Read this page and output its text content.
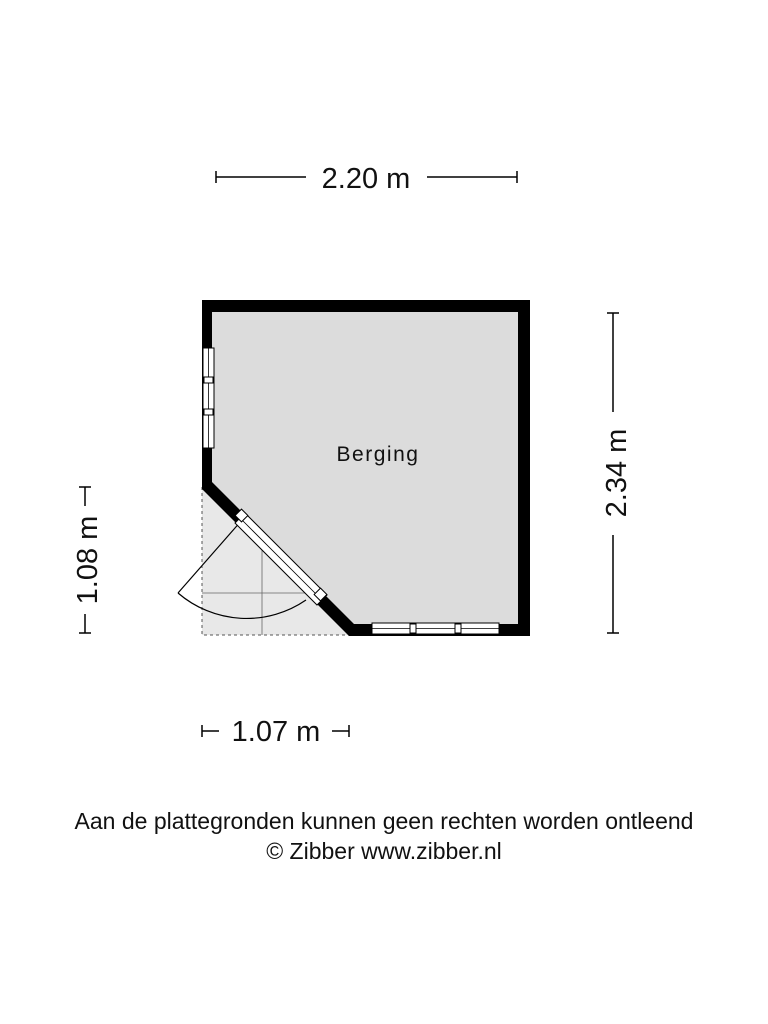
Berging
2.20 m
2.34 m
1.08 m
1.07 m
Aan de plattegronden kunnen geen rechten worden ontleend
© Zibber www.zibber.nl
